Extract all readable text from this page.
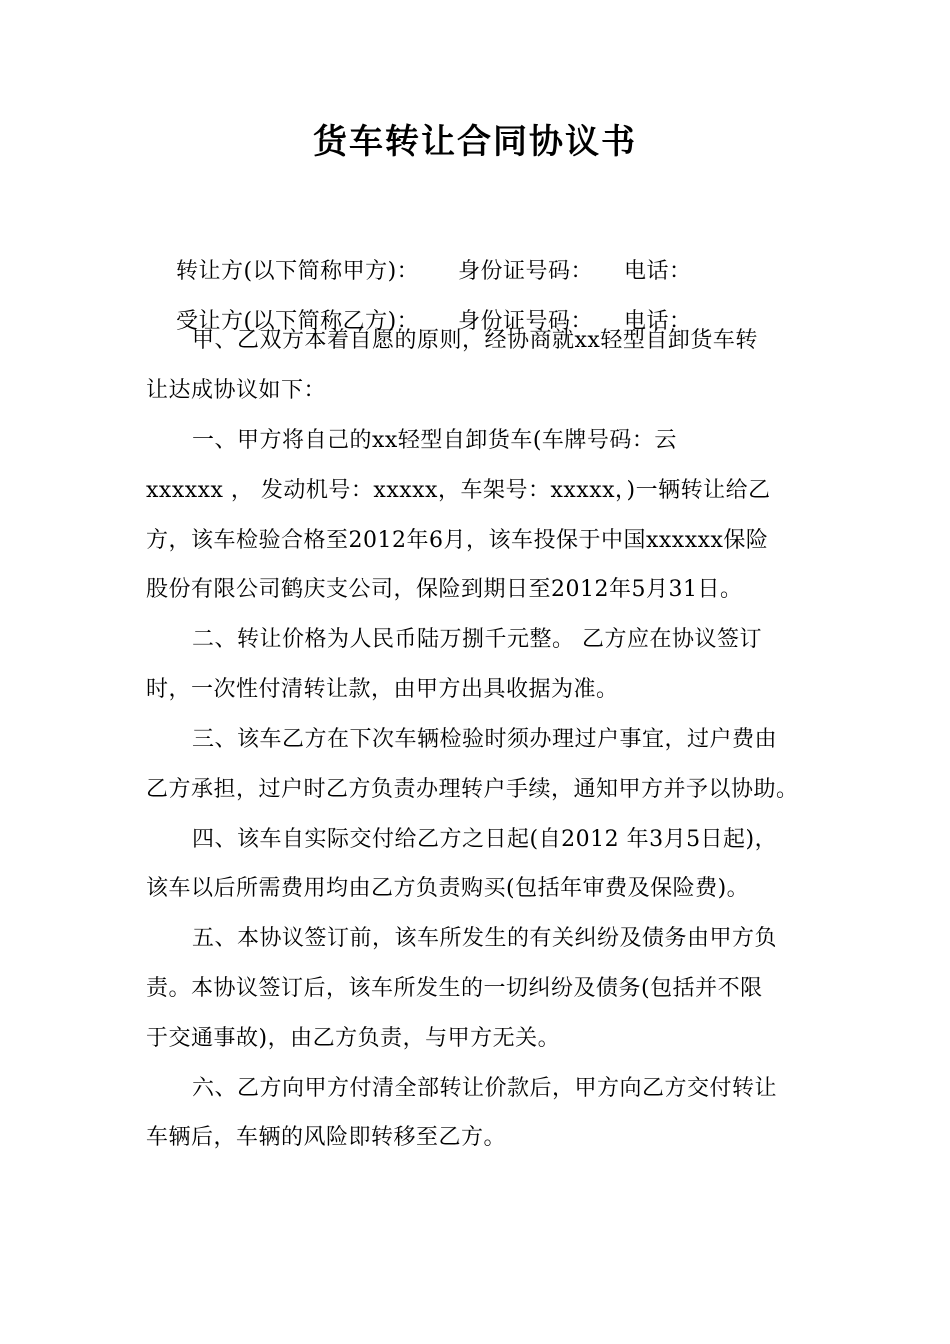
货车转让合同协议书

转让方(以下简称甲方)： 身份证号码： 电话：

受让方(以下简称乙方)： 身份证号码： 电话：

甲、乙双方本着自愿的原则，经协商就xx轻型自卸货车转
让达成协议如下：
一、甲方将自己的xx轻型自卸货车(车牌号码：云
xxxxxx ， 发动机号：xxxxx，车架号：xxxxx，)一辆转让给乙
方，该车检验合格至2012年6月，该车投保于中国xxxxxx保险
股份有限公司鹤庆支公司，保险到期日至2012年5月31日。
二、转让价格为人民币陆万捌千元整。 乙方应在协议签订
时，一次性付清转让款，由甲方出具收据为准。
三、该车乙方在下次车辆检验时须办理过户事宜，过户费由
乙方承担，过户时乙方负责办理转户手续，通知甲方并予以协助。
四、该车自实际交付给乙方之日起(自2012 年3月5日起)，
该车以后所需费用均由乙方负责购买(包括年审费及保险费)。
五、本协议签订前，该车所发生的有关纠纷及债务由甲方负
责。本协议签订后，该车所发生的一切纠纷及债务(包括并不限
于交通事故)，由乙方负责，与甲方无关。
六、乙方向甲方付清全部转让价款后，甲方向乙方交付转让
车辆后，车辆的风险即转移至乙方。
